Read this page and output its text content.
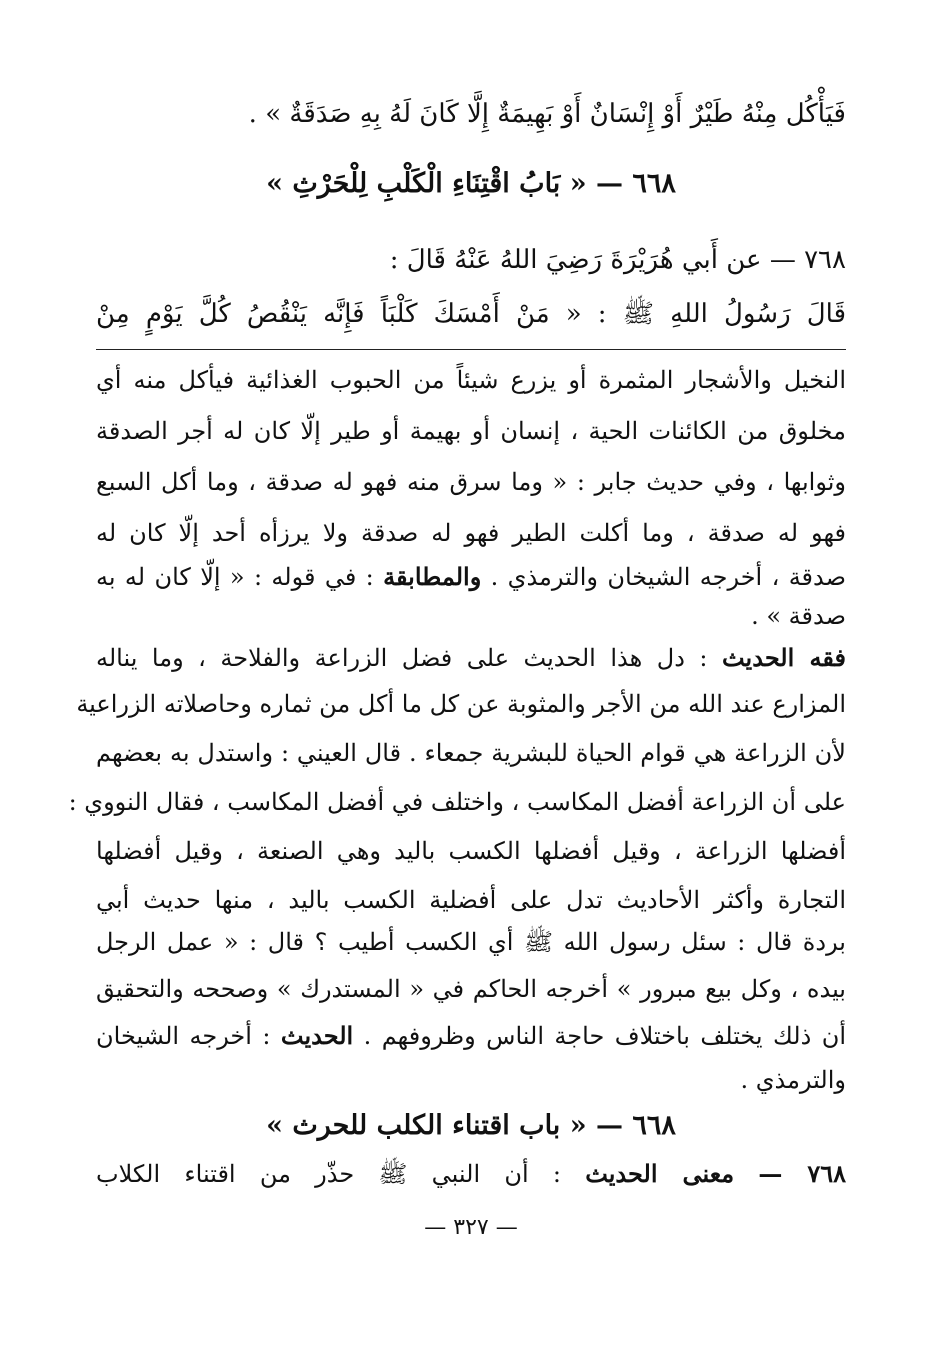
فَيَأْكُل مِنْهُ طَيْرٌ أَوْ إِنْسَانٌ أَوْ بَهِيمَةٌ إِلَّا كَانَ لَهُ بِهِ صَدَقَةٌ » .
٦٦٨ — « بَابُ اقْتِنَاءِ الْكَلْبِ لِلْحَرْثِ »
٧٦٨ — عن أَبي هُرَيْرَةَ رَضِيَ اللهُ عَنْهُ قَالَ :
قَالَ رَسُولُ اللهِ ﷺ : « مَنْ أَمْسَكَ كَلْبَاً فَإِنَّه يَنْقُصُ كُلَّ يَوْمٍ مِنْ
النخيل والأشجار المثمرة أو يزرع شيئاً من الحبوب الغذائية فيأكل منه أي
مخلوق من الكائنات الحية ، إنسان أو بهيمة أو طير إلّا كان له أجر الصدقة
وثوابها ، وفي حديث جابر : « وما سرق منه فهو له صدقة ، وما أكل السبع
فهو له صدقة ، وما أكلت الطير فهو له صدقة ولا يرزأه أحد إلّا كان له
صدقة ، أخرجه الشيخان والترمذي . والمطابقة : في قوله : « إلّا كان له به
صدقة » .
فقه الحديث : دل هذا الحديث على فضل الزراعة والفلاحة ، وما يناله
المزارع عند الله من الأجر والمثوبة عن كل ما أكل من ثماره وحاصلاته الزراعية
لأن الزراعة هي قوام الحياة للبشرية جمعاء . قال العيني : واستدل به بعضهم
على أن الزراعة أفضل المكاسب ، واختلف في أفضل المكاسب ، فقال النووي :
أفضلها الزراعة ، وقيل أفضلها الكسب باليد وهي الصنعة ، وقيل أفضلها
التجارة وأكثر الأحاديث تدل على أفضلية الكسب باليد ، منها حديث أبي
بردة قال : سئل رسول الله ﷺ أي الكسب أطيب ؟ قال : « عمل الرجل
بيده ، وكل بيع مبرور » أخرجه الحاكم في « المستدرك » وصححه والتحقيق
أن ذلك يختلف باختلاف حاجة الناس وظروفهم . الحديث : أخرجه الشيخان
والترمذي .
٦٦٨ — « باب اقتناء الكلب للحرث »
٧٦٨ — معنى الحديث : أن النبي ﷺ حذّر من اقتناء الكلاب
— ٣٢٧ —
